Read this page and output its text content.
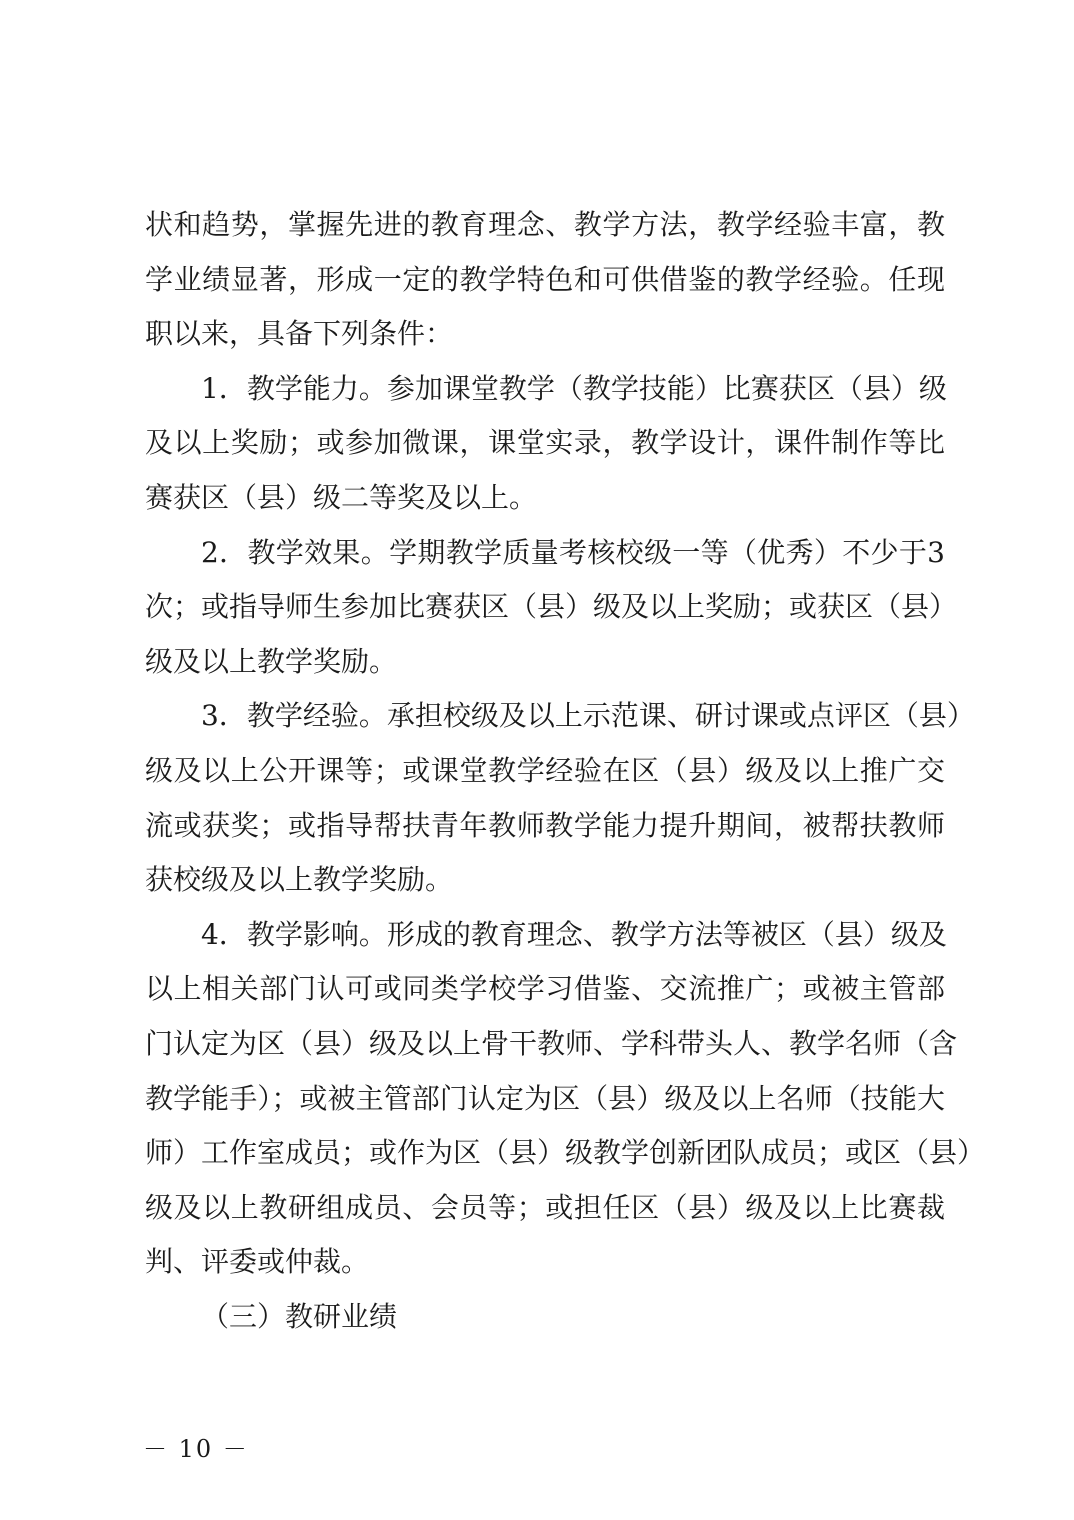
状和趋势，掌握先进的教育理念、教学方法，教学经验丰富，教
学业绩显著，形成一定的教学特色和可供借鉴的教学经验。任现
职以来，具备下列条件：
1．教学能力。参加课堂教学（教学技能）比赛获区（县）级
及以上奖励；或参加微课，课堂实录，教学设计，课件制作等比
赛获区（县）级二等奖及以上。
2．教学效果。学期教学质量考核校级一等（优秀）不少于3
次；或指导师生参加比赛获区（县）级及以上奖励；或获区（县）
级及以上教学奖励。
3．教学经验。承担校级及以上示范课、研讨课或点评区（县）
级及以上公开课等；或课堂教学经验在区（县）级及以上推广交
流或获奖；或指导帮扶青年教师教学能力提升期间，被帮扶教师
获校级及以上教学奖励。
4．教学影响。形成的教育理念、教学方法等被区（县）级及
以上相关部门认可或同类学校学习借鉴、交流推广；或被主管部
门认定为区（县）级及以上骨干教师、学科带头人、教学名师（含
教学能手）；或被主管部门认定为区（县）级及以上名师（技能大
师）工作室成员；或作为区（县）级教学创新团队成员；或区（县）
级及以上教研组成员、会员等；或担任区（县）级及以上比赛裁
判、评委或仲裁。
（三）教研业绩
－ 10 －
